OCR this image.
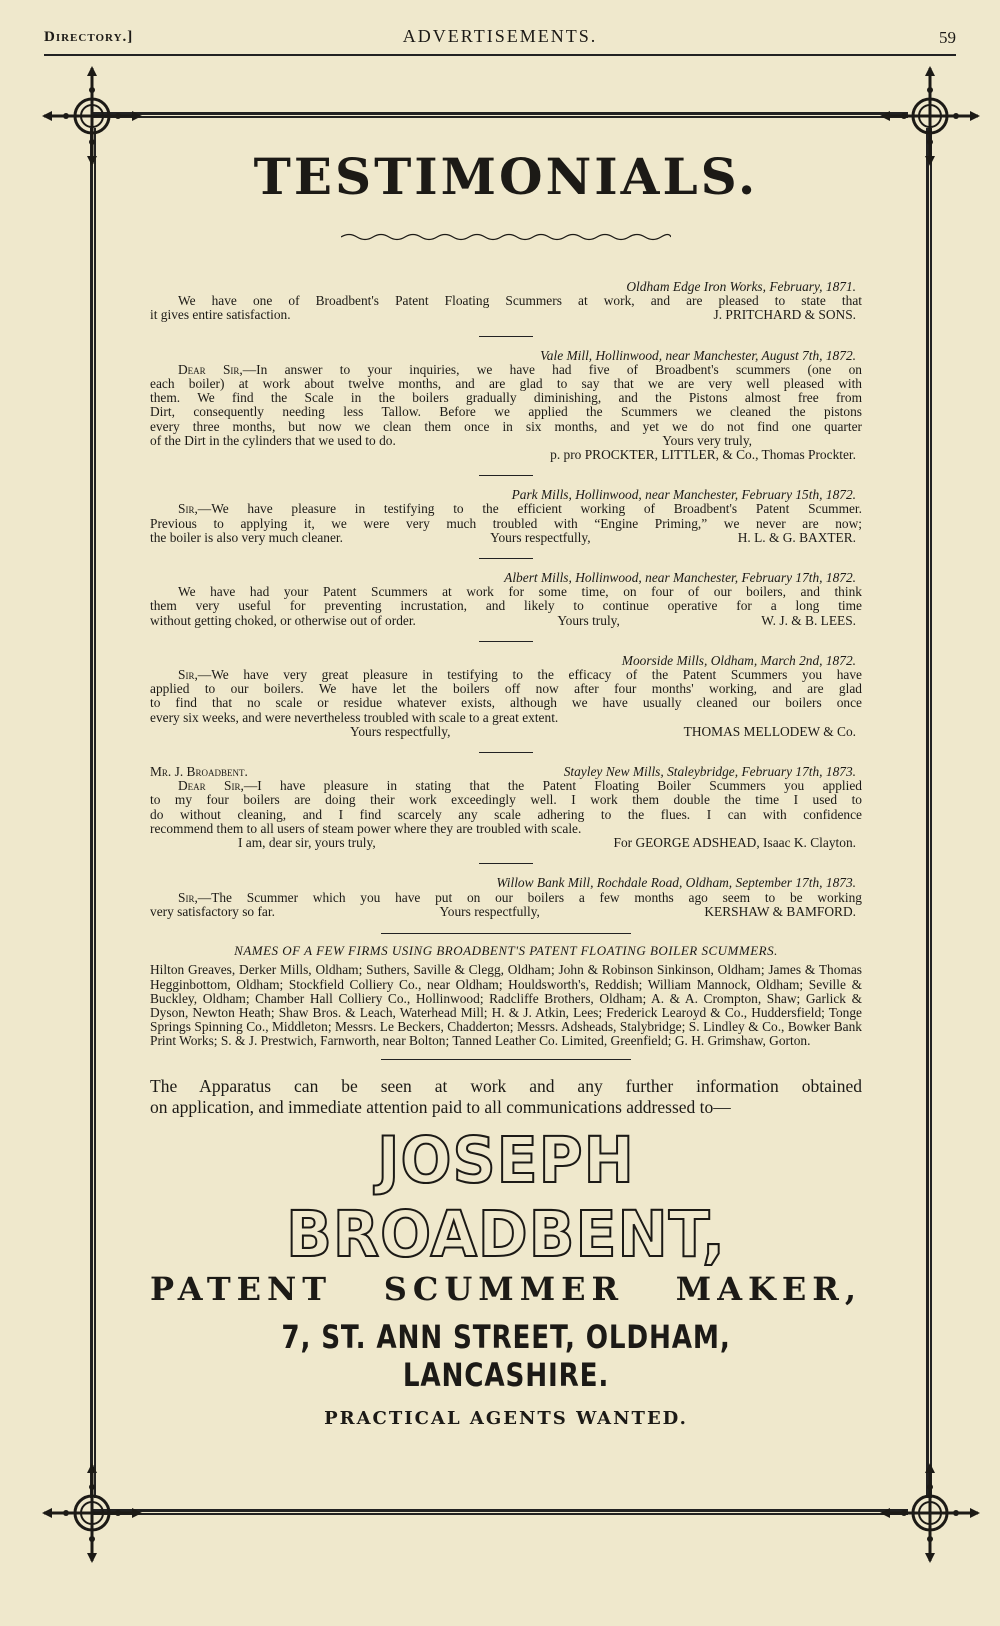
Directory.]	ADVERTISEMENTS.	59
TESTIMONIALS.
Oldham Edge Iron Works, February, 1871.
We have one of Broadbent's Patent Floating Scummers at work, and are pleased to state that
it gives entire satisfaction.	J. PRITCHARD & SONS.
Vale Mill, Hollinwood, near Manchester, August 7th, 1872.
Dear Sir,—In answer to your inquiries, we have had five of Broadbent's scummers (one on
each boiler) at work about twelve months, and are glad to say that we are very well pleased with
them. We find the Scale in the boilers gradually diminishing, and the Pistons almost free from
Dirt, consequently needing less Tallow. Before we applied the Scummers we cleaned the pistons
every three months, but now we clean them once in six months, and yet we do not find one quarter
of the Dirt in the cylinders that we used to do.	Yours very truly,
p. pro PROCKTER, LITTLER, & Co., Thomas Prockter.
Park Mills, Hollinwood, near Manchester, February 15th, 1872.
Sir,—We have pleasure in testifying to the efficient working of Broadbent's Patent Scummer.
Previous to applying it, we were very much troubled with “Engine Priming,” we never are now;
the boiler is also very much cleaner.	Yours respectfully,	H. L. & G. BAXTER.
Albert Mills, Hollinwood, near Manchester, February 17th, 1872.
We have had your Patent Scummers at work for some time, on four of our boilers, and think
them very useful for preventing incrustation, and likely to continue operative for a long time
without getting choked, or otherwise out of order.	Yours truly,	W. J. & B. LEES.
Moorside Mills, Oldham, March 2nd, 1872.
Sir,—We have very great pleasure in testifying to the efficacy of the Patent Scummers you have
applied to our boilers. We have let the boilers off now after four months' working, and are glad
to find that no scale or residue whatever exists, although we have usually cleaned our boilers once
every six weeks, and were nevertheless troubled with scale to a great extent.
Yours respectfully,	THOMAS MELLODEW & Co.
Mr. J. Broadbent.	Stayley New Mills, Staleybridge, February 17th, 1873.
Dear Sir,—I have pleasure in stating that the Patent Floating Boiler Scummers you applied
to my four boilers are doing their work exceedingly well. I work them double the time I used to
do without cleaning, and I find scarcely any scale adhering to the flues. I can with confidence
recommend them to all users of steam power where they are troubled with scale.
I am, dear sir, yours truly,	For GEORGE ADSHEAD, Isaac K. Clayton.
Willow Bank Mill, Rochdale Road, Oldham, September 17th, 1873.
Sir,—The Scummer which you have put on our boilers a few months ago seem to be working
very satisfactory so far.	Yours respectfully,	KERSHAW & BAMFORD.
NAMES OF A FEW FIRMS USING BROADBENT'S PATENT FLOATING BOILER SCUMMERS.
Hilton Greaves, Derker Mills, Oldham; Suthers, Saville & Clegg, Oldham; John & Robinson Sinkinson, Oldham; James & Thomas Hegginbottom, Oldham; Stockfield Colliery Co., near Oldham; Houldsworth's, Reddish; William Mannock, Oldham; Seville & Buckley, Oldham; Chamber Hall Colliery Co., Hollinwood; Radcliffe Brothers, Oldham; A. & A. Crompton, Shaw; Garlick & Dyson, Newton Heath; Shaw Bros. & Leach, Waterhead Mill; H. & J. Atkin, Lees; Frederick Learoyd & Co., Huddersfield; Tonge Springs Spinning Co., Middleton; Messrs. Le Beckers, Chadderton; Messrs. Adsheads, Stalybridge; S. Lindley & Co., Bowker Bank Print Works; S. & J. Prestwich, Farnworth, near Bolton; Tanned Leather Co. Limited, Greenfield; G. H. Grimshaw, Gorton.
The Apparatus can be seen at work and any further information obtained
on application, and immediate attention paid to all communications addressed to—
JOSEPH BROADBENT,
PATENT SCUMMER MAKER,
7, ST. ANN STREET, OLDHAM, LANCASHIRE.
PRACTICAL AGENTS WANTED.
